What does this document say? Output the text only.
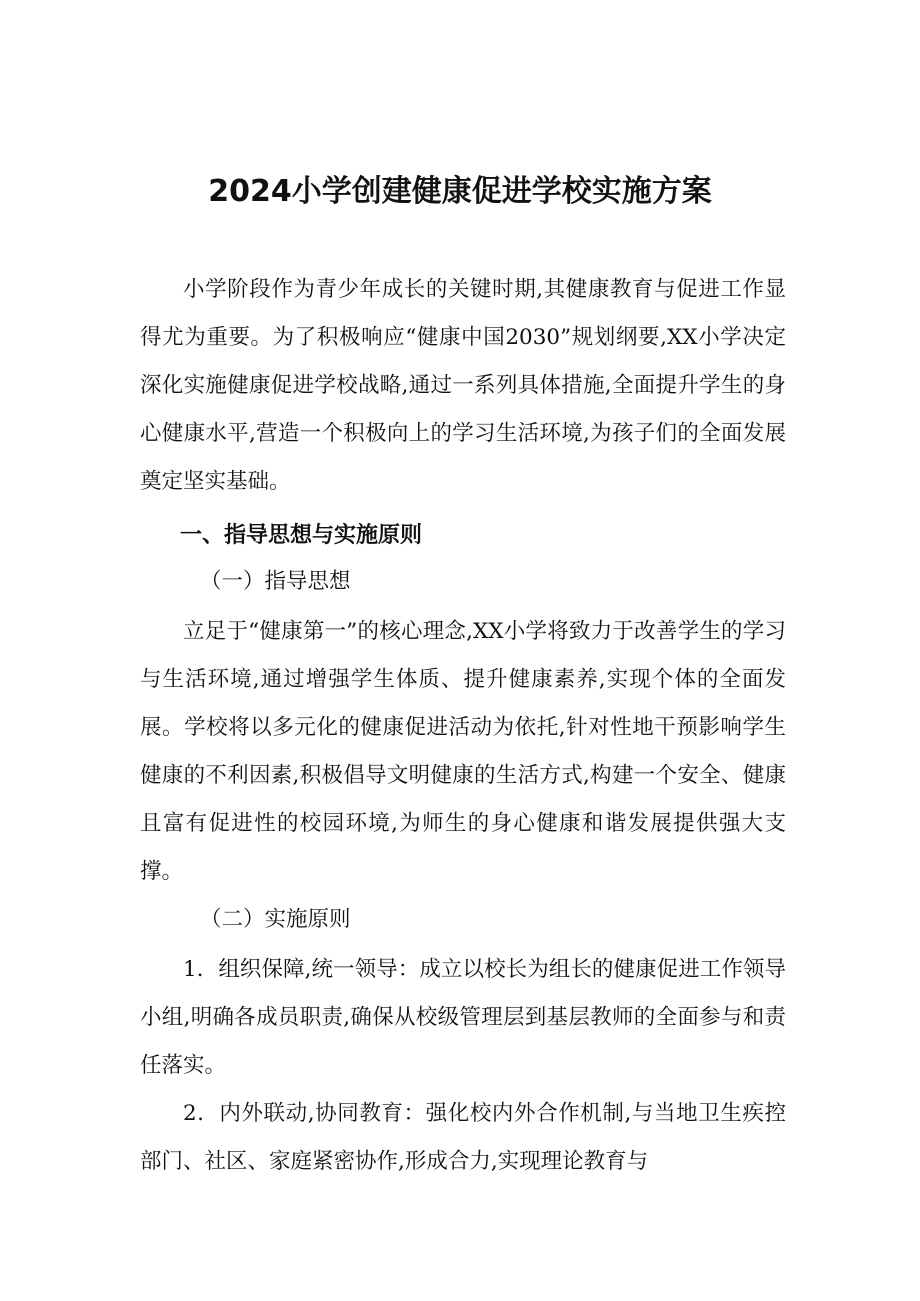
2024小学创建健康促进学校实施方案

小学阶段作为青少年成长的关键时期,其健康教育与促进工作显得尤为重要。为了积极响应“健康中国2030”规划纲要,XX小学决定深化实施健康促进学校战略,通过一系列具体措施,全面提升学生的身心健康水平,营造一个积极向上的学习生活环境,为孩子们的全面发展奠定坚实基础。

一、指导思想与实施原则

（一）指导思想

立足于“健康第一”的核心理念,XX小学将致力于改善学生的学习与生活环境,通过增强学生体质、提升健康素养,实现个体的全面发展。学校将以多元化的健康促进活动为依托,针对性地干预影响学生健康的不利因素,积极倡导文明健康的生活方式,构建一个安全、健康且富有促进性的校园环境,为师生的身心健康和谐发展提供强大支撑。

（二）实施原则

1．组织保障,统一领导：成立以校长为组长的健康促进工作领导小组,明确各成员职责,确保从校级管理层到基层教师的全面参与和责任落实。

2．内外联动,协同教育：强化校内外合作机制,与当地卫生疾控部门、社区、家庭紧密协作,形成合力,实现理论教育与
